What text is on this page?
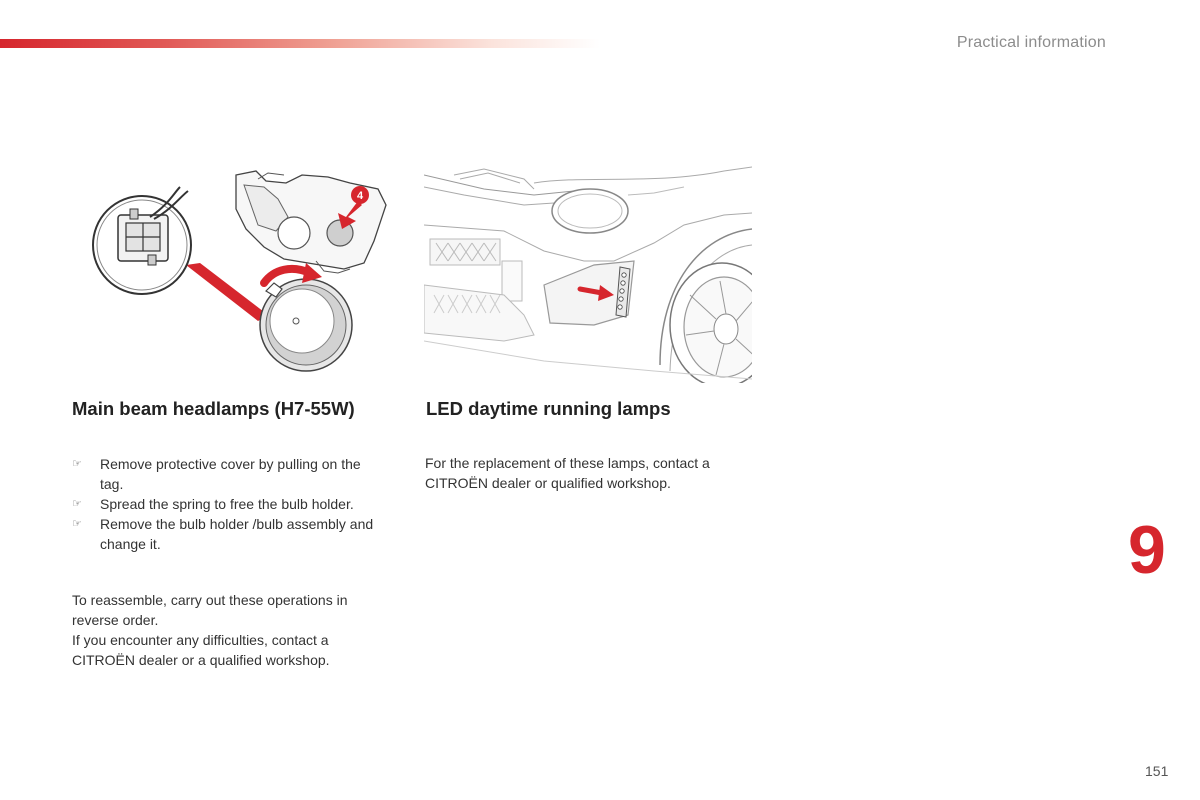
Practical information
4
Main beam headlamps (H7-55W)	LED daytime running lamps
☞ Remove protective cover by pulling on the tag.
☞ Spread the spring to free the bulb holder.
☞ Remove the bulb holder /bulb assembly and change it.

To reassemble, carry out these operations in reverse order.

If you encounter any difficulties, contact a CITROËN dealer or a qualified workshop.

For the replacement of these lamps, contact a CITROËN dealer or qualified workshop.

9
151
